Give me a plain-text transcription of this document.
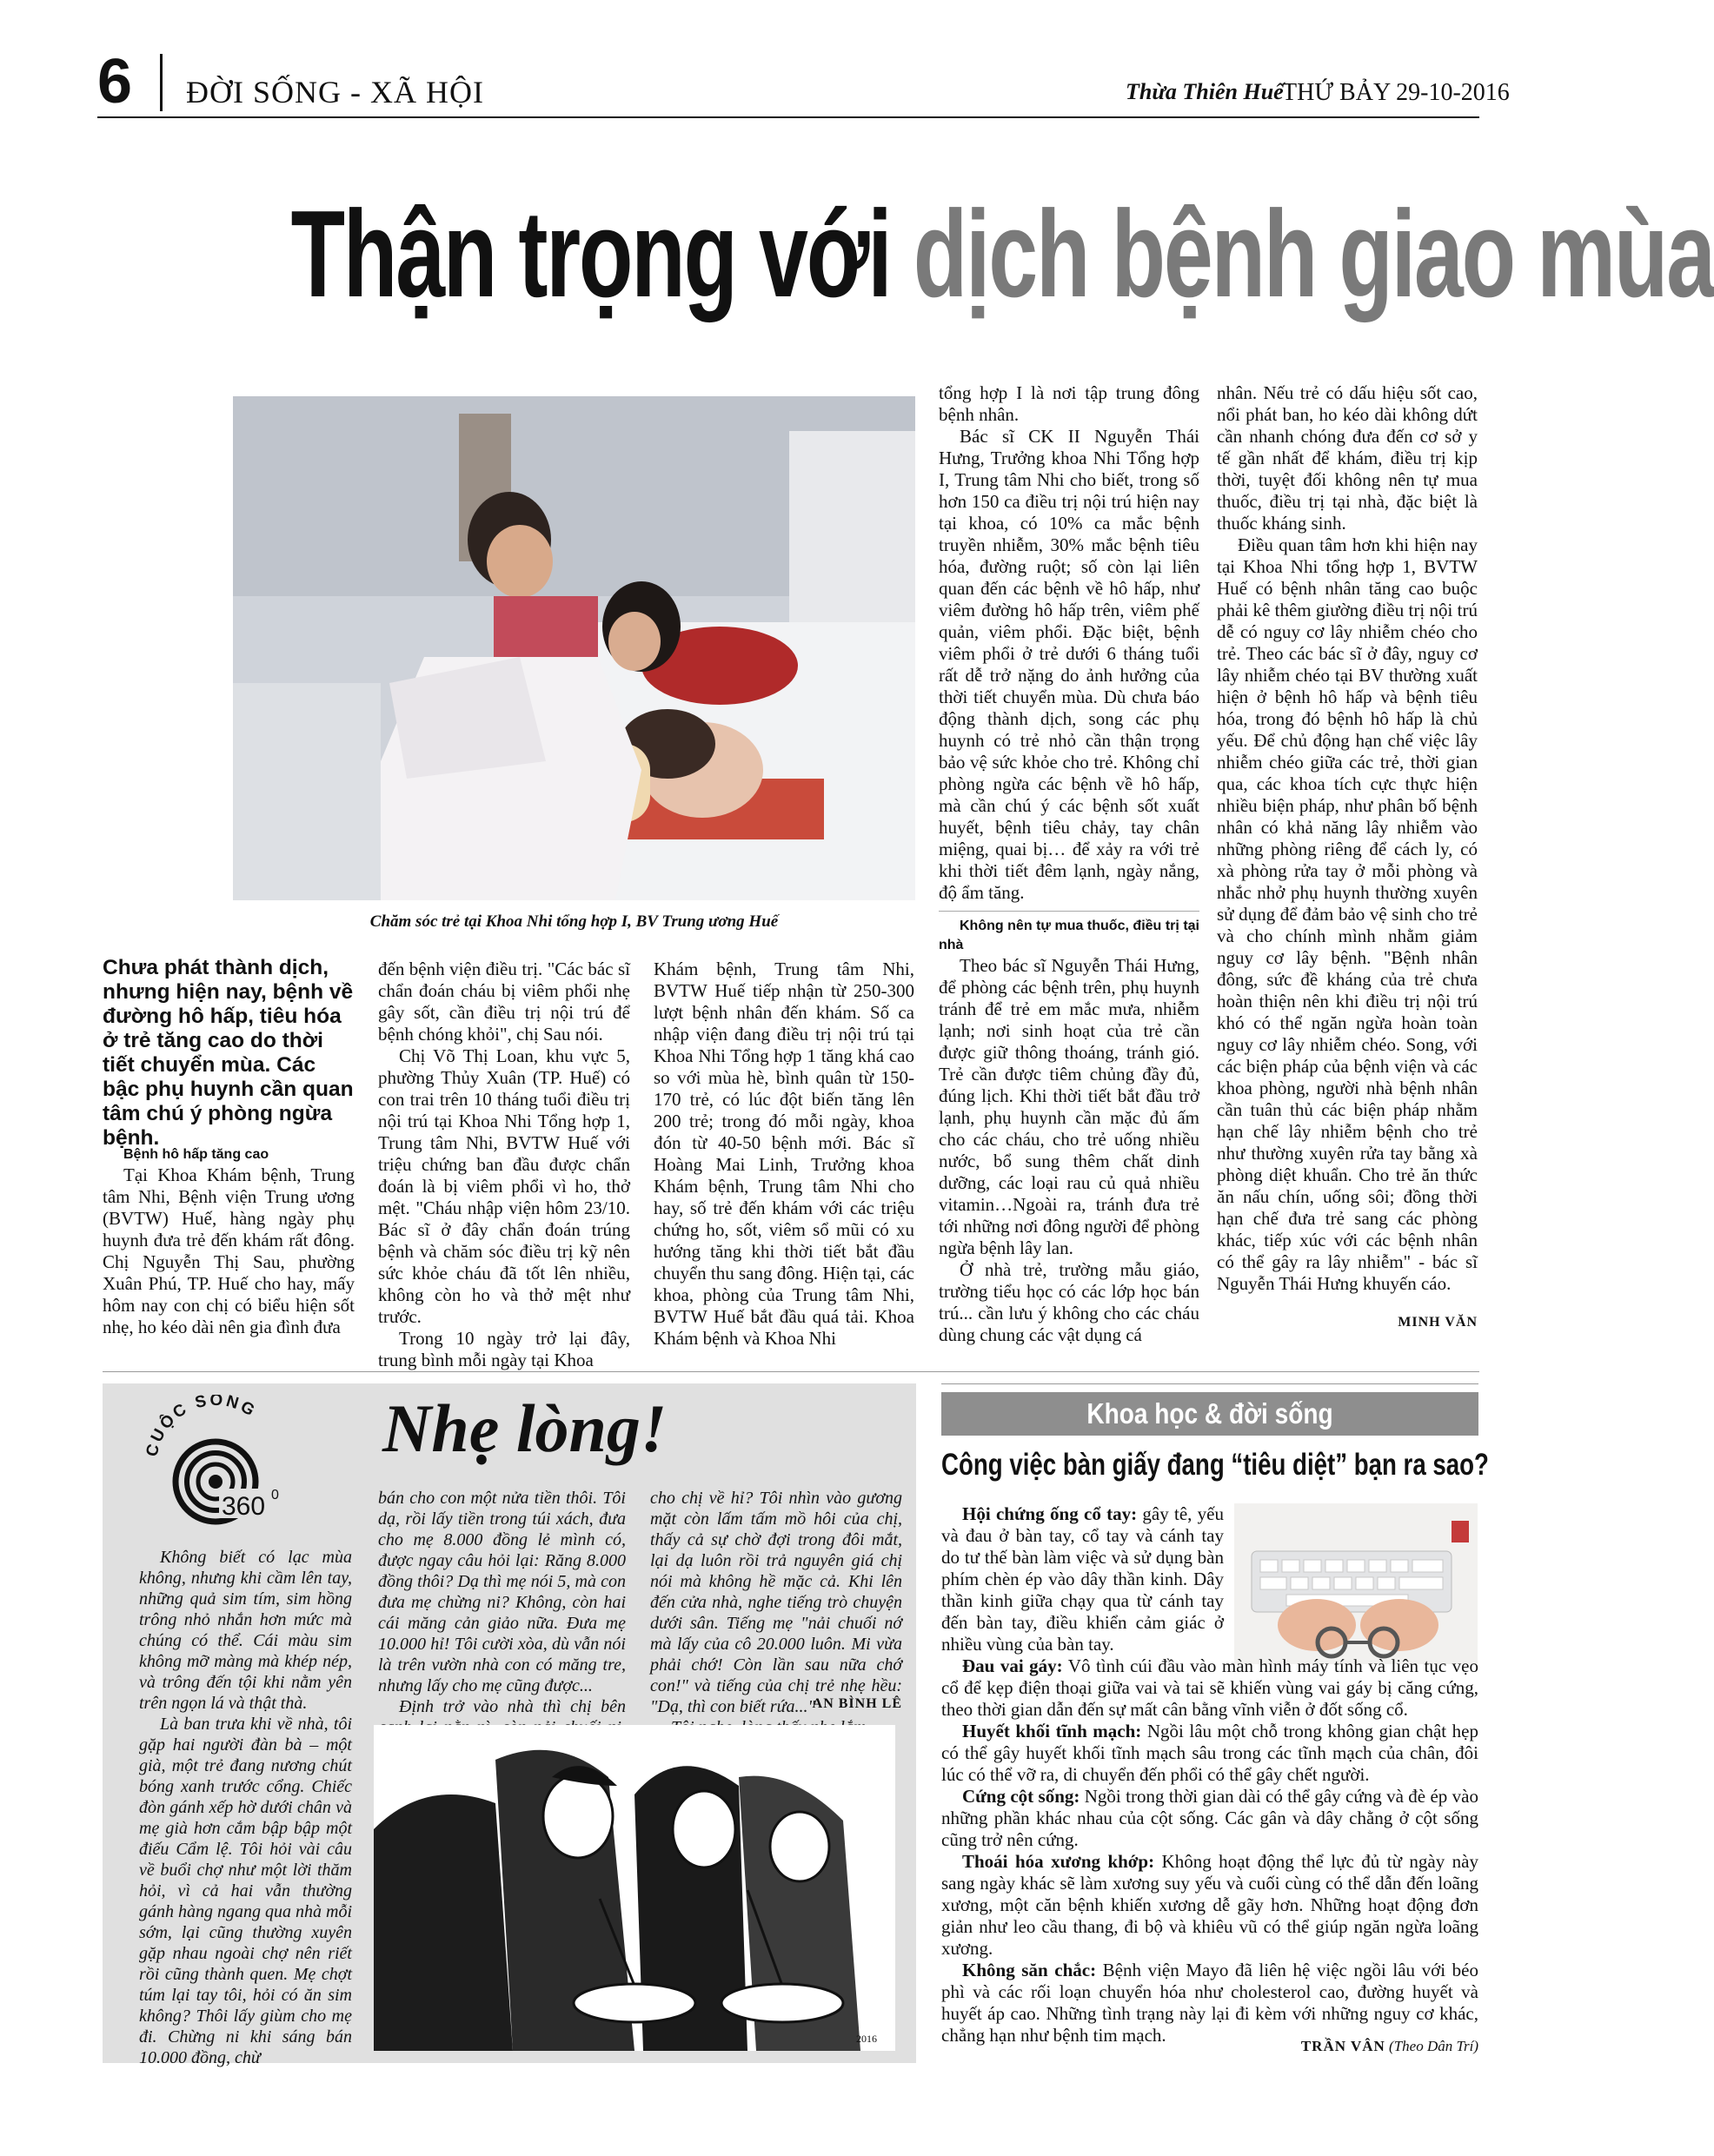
6 ĐỜI SỐNG - XÃ HỘI	Thừa Thiên Huế
THỨ BẢY 29-10-2016
Thận trọng với dịch bệnh giao mùa
Chăm sóc trẻ tại Khoa Nhi tổng hợp I, BV Trung ương Huế
Chưa phát thành dịch, nhưng hiện nay, bệnh về đường hô hấp, tiêu hóa ở trẻ tăng cao do thời tiết chuyển mùa. Các bậc phụ huynh cần quan tâm chú ý phòng ngừa bệnh.

Bệnh hô hấp tăng cao

Tại Khoa Khám bệnh, Trung tâm Nhi, Bệnh viện Trung ương (BVTW) Huế, hàng ngày phụ huynh đưa trẻ đến khám rất đông. Chị Nguyễn Thị Sau, phường Xuân Phú, TP. Huế cho hay, mấy hôm nay con chị có biểu hiện sốt nhẹ, ho kéo dài nên gia đình đưa

đến bệnh viện điều trị. "Các bác sĩ chẩn đoán cháu bị viêm phổi nhẹ gây sốt, cần điều trị nội trú để bệnh chóng khỏi", chị Sau nói.

Chị Võ Thị Loan, khu vực 5, phường Thủy Xuân (TP. Huế) có con trai trên 10 tháng tuổi điều trị nội trú tại Khoa Nhi Tổng hợp 1, Trung tâm Nhi, BVTW Huế với triệu chứng ban đầu được chẩn đoán là bị viêm phổi vì ho, thở mệt. "Cháu nhập viện hôm 23/10. Bác sĩ ở đây chẩn đoán trúng bệnh và chăm sóc điều trị kỹ nên sức khỏe cháu đã tốt lên nhiều, không còn ho và thở mệt như trước.

Trong 10 ngày trở lại đây, trung bình mỗi ngày tại Khoa

Khám bệnh, Trung tâm Nhi, BVTW Huế tiếp nhận từ 250-300 lượt bệnh nhân đến khám. Số ca nhập viện đang điều trị nội trú tại Khoa Nhi Tổng hợp 1 tăng khá cao so với mùa hè, bình quân từ 150-170 trẻ, có lúc đột biến tăng lên 200 trẻ; trong đó mỗi ngày, khoa đón từ 40-50 bệnh mới. Bác sĩ Hoàng Mai Linh, Trưởng khoa Khám bệnh, Trung tâm Nhi cho hay, số trẻ đến khám với các triệu chứng ho, sốt, viêm sổ mũi có xu hướng tăng khi thời tiết bắt đầu chuyển thu sang đông. Hiện tại, các khoa, phòng của Trung tâm Nhi, BVTW Huế bắt đầu quá tải. Khoa Khám bệnh và Khoa Nhi

tổng hợp I là nơi tập trung đông bệnh nhân.

Bác sĩ CK II Nguyễn Thái Hưng, Trưởng khoa Nhi Tổng hợp I, Trung tâm Nhi cho biết, trong số hơn 150 ca điều trị nội trú hiện nay tại khoa, có 10% ca mắc bệnh truyền nhiễm, 30% mắc bệnh tiêu hóa, đường ruột; số còn lại liên quan đến các bệnh về hô hấp, như viêm đường hô hấp trên, viêm phế quản, viêm phổi. Đặc biệt, bệnh viêm phổi ở trẻ dưới 6 tháng tuổi rất dễ trở nặng do ảnh hưởng của thời tiết chuyển mùa. Dù chưa báo động thành dịch, song các phụ huynh có trẻ nhỏ cần thận trọng bảo vệ sức khỏe cho trẻ. Không chỉ phòng ngừa các bệnh về hô hấp, mà cần chú ý các bệnh sốt xuất huyết, bệnh tiêu chảy, tay chân miệng, quai bị… để xảy ra với trẻ khi thời tiết đêm lạnh, ngày nắng, độ ẩm tăng.

Không nên tự mua thuốc, điều trị tại nhà

Theo bác sĩ Nguyễn Thái Hưng, để phòng các bệnh trên, phụ huynh tránh để trẻ em mắc mưa, nhiễm lạnh; nơi sinh hoạt của trẻ cần được giữ thông thoáng, tránh gió. Trẻ cần được tiêm chủng đầy đủ, đúng lịch. Khi thời tiết bắt đầu trở lạnh, phụ huynh cần mặc đủ ấm cho các cháu, cho trẻ uống nhiều nước, bổ sung thêm chất dinh dưỡng, các loại rau củ quả nhiều vitamin…Ngoài ra, tránh đưa trẻ tới những nơi đông người để phòng ngừa bệnh lây lan.

Ở nhà trẻ, trường mẫu giáo, trường tiểu học có các lớp học bán trú... cần lưu ý không cho các cháu dùng chung các vật dụng cá

nhân. Nếu trẻ có dấu hiệu sốt cao, nổi phát ban, ho kéo dài không dứt cần nhanh chóng đưa đến cơ sở y tế gần nhất để khám, điều trị kịp thời, tuyệt đối không nên tự mua thuốc, điều trị tại nhà, đặc biệt là thuốc kháng sinh.

Điều quan tâm hơn khi hiện nay tại Khoa Nhi tổng hợp 1, BVTW Huế có bệnh nhân tăng cao buộc phải kê thêm giường điều trị nội trú dễ có nguy cơ lây nhiễm chéo cho trẻ. Theo các bác sĩ ở đây, nguy cơ lây nhiễm chéo tại BV thường xuất hiện ở bệnh hô hấp và bệnh tiêu hóa, trong đó bệnh hô hấp là chủ yếu. Để chủ động hạn chế việc lây nhiễm chéo giữa các trẻ, thời gian qua, các khoa tích cực thực hiện nhiều biện pháp, như phân bố bệnh nhân có khả năng lây nhiễm vào những phòng riêng để cách ly, có xà phòng rửa tay ở mỗi phòng và nhắc nhở phụ huynh thường xuyên sử dụng để đảm bảo vệ sinh cho trẻ và cho chính mình nhằm giảm nguy cơ lây bệnh. "Bệnh nhân đông, sức đề kháng của trẻ chưa hoàn thiện nên khi điều trị nội trú khó có thể ngăn ngừa hoàn toàn nguy cơ lây nhiễm chéo. Song, với các biện pháp của bệnh viện và các khoa phòng, người nhà bệnh nhân cần tuân thủ các biện pháp nhằm hạn chế lây nhiễm bệnh cho trẻ như thường xuyên rửa tay bằng xà phòng diệt khuẩn. Cho trẻ ăn thức ăn nấu chín, uống sôi; đồng thời hạn chế đưa trẻ sang các phòng khác, tiếp xúc với các bệnh nhân có thể gây ra lây nhiễm" - bác sĩ Nguyễn Thái Hưng khuyến cáo.

MINH VĂN
CUỘC SỐNG
360 0
Nhẹ lòng!

Không biết có lạc mùa không, nhưng khi cầm lên tay, những quả sim tím, sim hồng trông nhỏ nhắn hơn mức mà chúng có thể. Cái màu sim không mỡ màng mà khép nép, và trông đến tội khi nằm yên trên ngọn lá và thật thà.

Là ban trưa khi về nhà, tôi gặp hai người đàn bà – một già, một trẻ đang nương chút bóng xanh trước cổng. Chiếc đòn gánh xếp hờ dưới chân và mẹ già hơn cắm bập bập một điếu Cẩm lệ. Tôi hỏi vài câu về buổi chợ như một lời thăm hỏi, vì cả hai vẫn thường gánh hàng ngang qua nhà mỗi sớm, lại cũng thường xuyên gặp nhau ngoài chợ nên riết rồi cũng thành quen. Mẹ chợt túm lại tay tôi, hỏi có ăn sim không? Thôi lấy giùm cho mẹ đi. Chừng ni khi sáng bán 10.000 đồng, chừ

bán cho con một nửa tiền thôi. Tôi dạ, rồi lấy tiền trong túi xách, đưa cho mẹ 8.000 đồng lẻ mình có, được ngay câu hỏi lại: Răng 8.000 đồng thôi? Dạ thì mẹ nói 5, mà con đưa mẹ chừng ni? Không, còn hai cái măng cản giảo nữa. Đưa mẹ 10.000 hỉ! Tôi cười xòa, dù vẫn nói là trên vườn nhà con có măng tre, nhưng lấy cho mẹ cũng được...

Định trở vào nhà thì chị bên

cho chị về hỉ? Tôi nhìn vào gương mặt còn lấm tấm mồ hôi của chị, thấy cả sự chờ đợi trong đôi mắt, lại dạ luôn rồi trả nguyên giá chị nói mà không hề mặc cả. Khi lên đến cửa nhà, nghe tiếng trò chuyện dưới sân. Tiếng mẹ "nải chuối nớ mà lấy của cô 20.000 luôn. Mi vừa phải chớ! Còn lần sau nữa chớ con!" và tiếng của chị trẻ nhẹ hều: "Dạ, thì con biết rứa..."

AN BÌNH LÊ
2016
Khoa học & đời sống
Công việc bàn giấy đang “tiêu diệt” bạn ra sao?

Hội chứng ống cổ tay: gây tê, yếu và đau ở bàn tay, cổ tay và cánh tay do tư thế bàn làm việc và sử dụng bàn phím chèn ép vào dây thần kinh. Dây thần kinh giữa chạy qua từ cánh tay đến bàn tay, điều khiển cảm giác ở nhiều vùng của bàn tay.

Đau vai gáy: Vô tình cúi đầu vào màn hình máy tính và liên tục vẹo cổ để kẹp điện thoại giữa vai và tai sẽ khiến vùng vai gáy bị căng cứng, theo thời gian dẫn đến sự mất cân bằng vĩnh viễn ở đốt sống cổ.

Huyết khối tĩnh mạch: Ngồi lâu một chỗ trong không gian chật hẹp có thể gây huyết khối tĩnh mạch sâu trong các tĩnh mạch của chân, đôi lúc có thể vỡ ra, di chuyển đến phổi có thể gây chết người.

Cứng cột sống: Ngồi trong thời gian dài có thể gây cứng và đè ép vào những phần khác nhau của cột sống. Các gân và dây chằng ở cột sống cũng trở nên cứng.

Thoái hóa xương khớp: Không hoạt động thể lực đủ từ ngày này sang ngày khác sẽ làm xương suy yếu và cuối cùng có thể dẫn đến loãng xương, một căn bệnh khiến xương dễ gãy hơn. Những hoạt động đơn giản như leo cầu thang, đi bộ và khiêu vũ có thể giúp ngăn ngừa loãng xương.

Không săn chắc: Bệnh viện Mayo đã liên hệ việc ngồi lâu với béo phì và các rối loạn chuyển hóa như cholesterol cao, đường huyết và huyết áp cao. Những tình trạng này lại đi kèm với những nguy cơ khác, chẳng hạn như bệnh tim mạch.

TRẦN VÂN (Theo Dân Trí)
